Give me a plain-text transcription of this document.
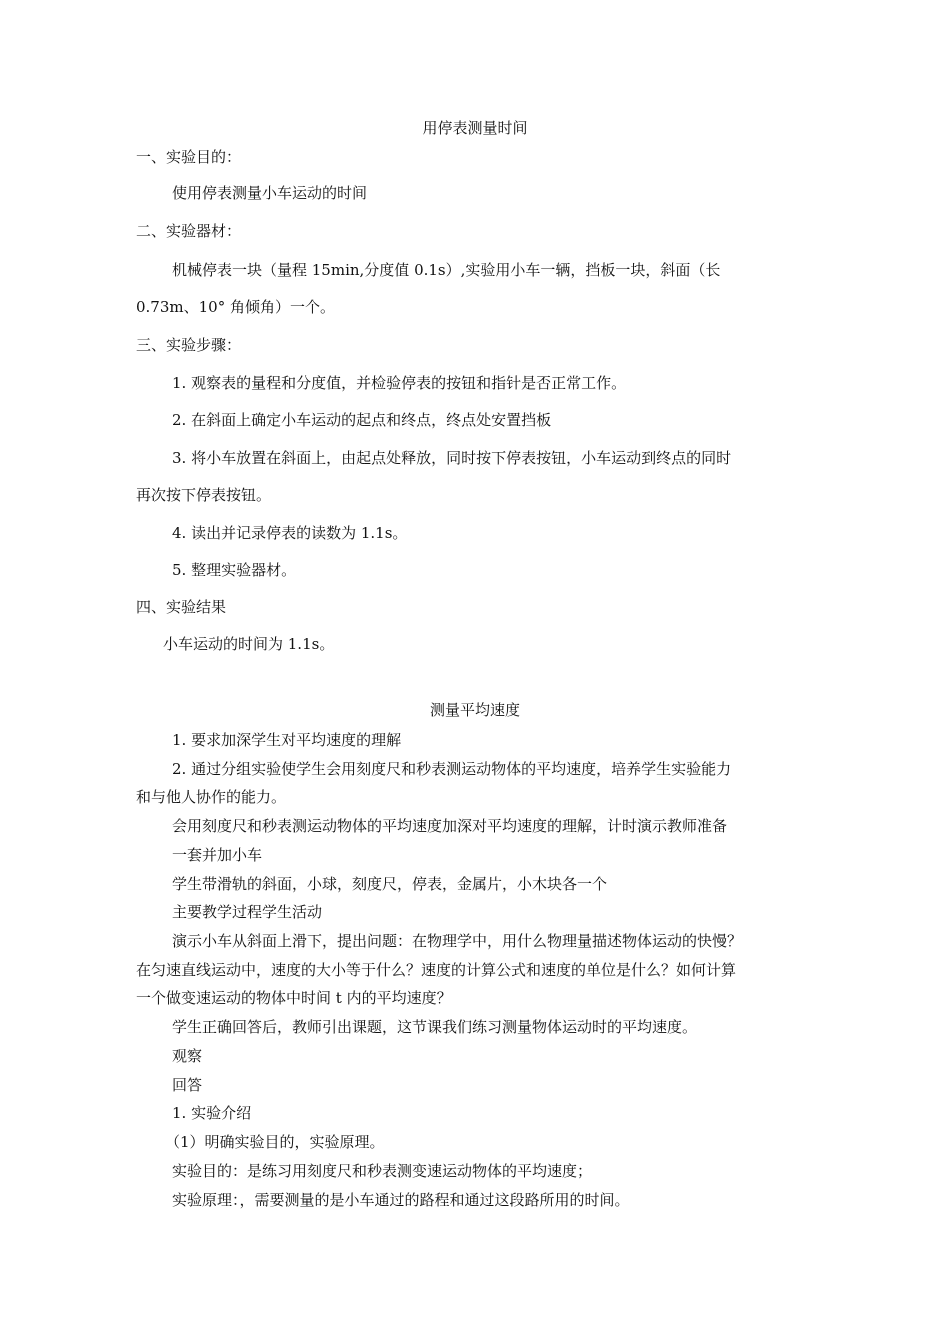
用停表测量时间
一、实验目的：
使用停表测量小车运动的时间
二、实验器材：
机械停表一块（量程 15min,分度值 0.1s）,实验用小车一辆，挡板一块，斜面（长
0.73m、10° 角倾角）一个。
三、实验步骤：
1. 观察表的量程和分度值，并检验停表的按钮和指针是否正常工作。
2. 在斜面上确定小车运动的起点和终点，终点处安置挡板
3. 将小车放置在斜面上，由起点处释放，同时按下停表按钮，小车运动到终点的同时
再次按下停表按钮。
4. 读出并记录停表的读数为 1.1s。
5. 整理实验器材。
四、实验结果
小车运动的时间为 1.1s。
测量平均速度
1. 要求加深学生对平均速度的理解
2. 通过分组实验使学生会用刻度尺和秒表测运动物体的平均速度，培养学生实验能力
和与他人协作的能力。
会用刻度尺和秒表测运动物体的平均速度加深对平均速度的理解，计时演示教师准备
一套并加小车
学生带滑轨的斜面，小球，刻度尺，停表，金属片，小木块各一个
主要教学过程学生活动
演示小车从斜面上滑下，提出问题：在物理学中，用什么物理量描述物体运动的快慢？
在匀速直线运动中，速度的大小等于什么？速度的计算公式和速度的单位是什么？如何计算
一个做变速运动的物体中时间 t 内的平均速度？
学生正确回答后，教师引出课题，这节课我们练习测量物体运动时的平均速度。
观察
回答
1. 实验介绍
（1）明确实验目的，实验原理。
实验目的：是练习用刻度尺和秒表测变速运动物体的平均速度；
实验原理：，需要测量的是小车通过的路程和通过这段路所用的时间。
